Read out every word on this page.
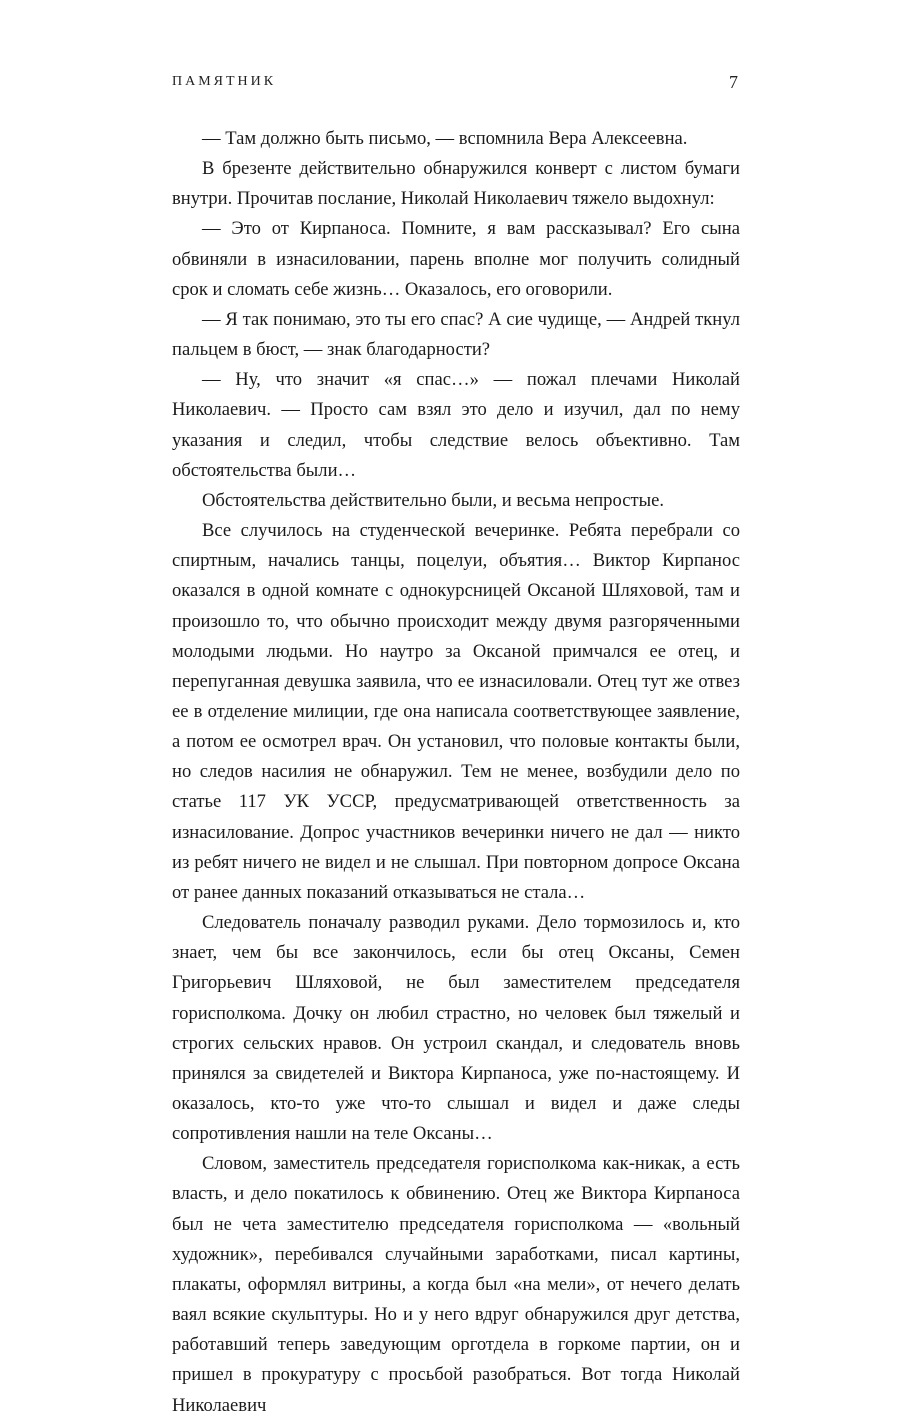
ПАМЯТНИК	7

— Там должно быть письмо, — вспомнила Вера Алексеевна.

В брезенте действительно обнаружился конверт с листом бумаги внутри. Прочитав послание, Николай Николаевич тяжело выдохнул:

— Это от Кирпаноса. Помните, я вам рассказывал? Его сына обвиняли в изнасиловании, парень вполне мог получить солидный срок и сломать себе жизнь… Оказалось, его оговорили.

— Я так понимаю, это ты его спас? А сие чудище, — Андрей ткнул пальцем в бюст, — знак благодарности?

— Ну, что значит «я спас…» — пожал плечами Николай Николаевич. — Просто сам взял это дело и изучил, дал по нему указания и следил, чтобы следствие велось объективно. Там обстоятельства были…

Обстоятельства действительно были, и весьма непростые.

Все случилось на студенческой вечеринке. Ребята перебрали со спиртным, начались танцы, поцелуи, объятия… Виктор Кирпанос оказался в одной комнате с однокурсницей Оксаной Шляховой, там и произошло то, что обычно происходит между двумя разгоряченными молодыми людьми. Но наутро за Оксаной примчался ее отец, и перепуганная девушка заявила, что ее изнасиловали. Отец тут же отвез ее в отделение милиции, где она написала соответствующее заявление, а потом ее осмотрел врач. Он установил, что половые контакты были, но следов насилия не обнаружил. Тем не менее, возбудили дело по статье 117 УК УССР, предусматривающей ответственность за изнасилование. Допрос участников вечеринки ничего не дал — никто из ребят ничего не видел и не слышал. При повторном допросе Оксана от ранее данных показаний отказываться не стала…

Следователь поначалу разводил руками. Дело тормозилось и, кто знает, чем бы все закончилось, если бы отец Оксаны, Семен Григорьевич Шляховой, не был заместителем председателя горисполкома. Дочку он любил страстно, но человек был тяжелый и строгих сельских нравов. Он устроил скандал, и следователь вновь принялся за свидетелей и Виктора Кирпаноса, уже по-настоящему. И оказалось, кто-то уже что-то слышал и видел и даже следы сопротивления нашли на теле Оксаны…

Словом, заместитель председателя горисполкома как-никак, а есть власть, и дело покатилось к обвинению. Отец же Виктора Кирпаноса был не чета заместителю председателя горисполкома — «вольный художник», перебивался случайными заработками, писал картины, плакаты, оформлял витрины, а когда был «на мели», от нечего делать ваял всякие скульптуры. Но и у него вдруг обнаружился друг детства, работавший теперь заведующим орготдела в горкоме партии, он и пришел в прокуратуру с просьбой разобраться. Вот тогда Николай Николаевич
